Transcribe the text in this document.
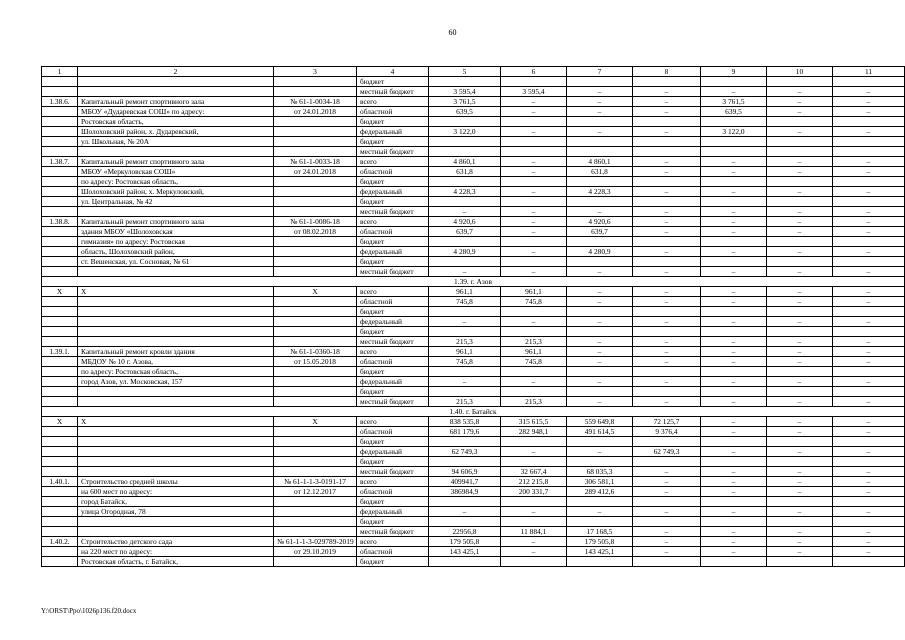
60
1	2	3	4	5	6	7	8	9	10	11
			бюджет							
			местный бюджет	3 595,4	3 595,4	–	–	–	–	–
1.38.6.	Капитальный ремонт спортивного зала	№ 61-1-0034-18	всего	3 761,5	–	–	–	3 761,5	–	–
	МБОУ «Дударевская СОШ» по адресу:	от 24.01.2018	областной	639,5	–	–	–	639,5	–	–
	Ростовская область,		бюджет							
	Шолоховский район, х. Дударевский,		федеральный	3 122,0	–	–	–	3 122,0	–	–
	ул. Школьная, № 20А		бюджет							
			местный бюджет							
1.38.7.	Капитальный ремонт спортивного зала	№ 61-1-0033-18	всего	4 860,1	–	4 860,1	–	–	–	–
	МБОУ «Меркуловская СОШ»	от 24.01.2018	областной	631,8	–	631,8	–	–	–	–
	по адресу: Ростовская область,		бюджет							
	Шолоховский район, х. Меркуловский,		федеральный	4 228,3	–	4 228,3	–	–	–	–
	ул. Центральная, № 42		бюджет							
			местный бюджет	–	–	–	–	–	–	–
1.38.8.	Капитальный ремонт спортивного зала	№ 61-1-0086-18	всего	4 920,6	–	4 920,6	–	–	–	–
	здания МБОУ «Шолоховская	от 08.02.2018	областной	639,7	–	639,7	–	–	–	–
	гимназия» по адресу: Ростовская		бюджет							
	область, Шолоховский район,		федеральный	4 280,9	–	4 280,9	–	–	–	–
	ст. Вешенская, ул. Сосновая, № 61		бюджет							
			местный бюджет	–	–	–	–	–	–	–
1.39. г. Азов										
Х	Х	Х	всего	961,1	961,1	–	–	–	–	–
			областной	745,8	745,8	–	–	–	–	–
			бюджет							
			федеральный	–	–	–	–	–	–	–
			бюджет							
			местный бюджет	215,3	215,3	–	–	–	–	–
1.39.1.	Капитальный ремонт кровли здания	№ 61-1-0360-18	всего	961,1	961,1	–	–	–	–	–
	МБДОУ № 10 г. Азова,	от 15.05.2018	областной	745,8	745,8	–	–	–	–	–
	по адресу: Ростовская область,		бюджет							
	город Азов, ул. Московская, 157		федеральный	–	–	–	–	–	–	–
			бюджет							
			местный бюджет	215,3	215,3	–	–	–	–	–
1.40. г. Батайск										
Х	Х	Х	всего	838 535,8	315 615,5	559 649,8	72 125,7	–	–	–
			областной	681 179,6	282 948,1	491 614,5	9 376,4	–	–	–
			бюджет							
			федеральный	62 749,3	–	–	62 749,3	–	–	–
			бюджет							
			местный бюджет	94 606,9	32 667,4	68 035,3	–	–	–	–
1.40.1.	Строительство средней школы	№ 61-1-1-3-0191-17	всего	409941,7	212 215,8	306 581,1	–	–	–	–
	на 600 мест по адресу:	от 12.12.2017	областной	386984,9	200 331,7	289 412,6	–	–	–	–
	город Батайск,		бюджет							
	улица Огородная, 78		федеральный	–	–	–	–	–	–	–
			бюджет							
			местный бюджет	22956,8	11 884,1	17 168,5	–	–	–	–
1.40.2.	Строительство детского сада	№ 61-1-1-3-029789-2019	всего	179 505,8	–	179 505,8	–	–	–	–
	на 220 мест по адресу:	от 29.10.2019	областной	143 425,1	–	143 425,1	–	–	–	–
	Ростовская область, г. Батайск,		бюджет							
Y:\ORST\Ppo\1026p136.f20.docx
